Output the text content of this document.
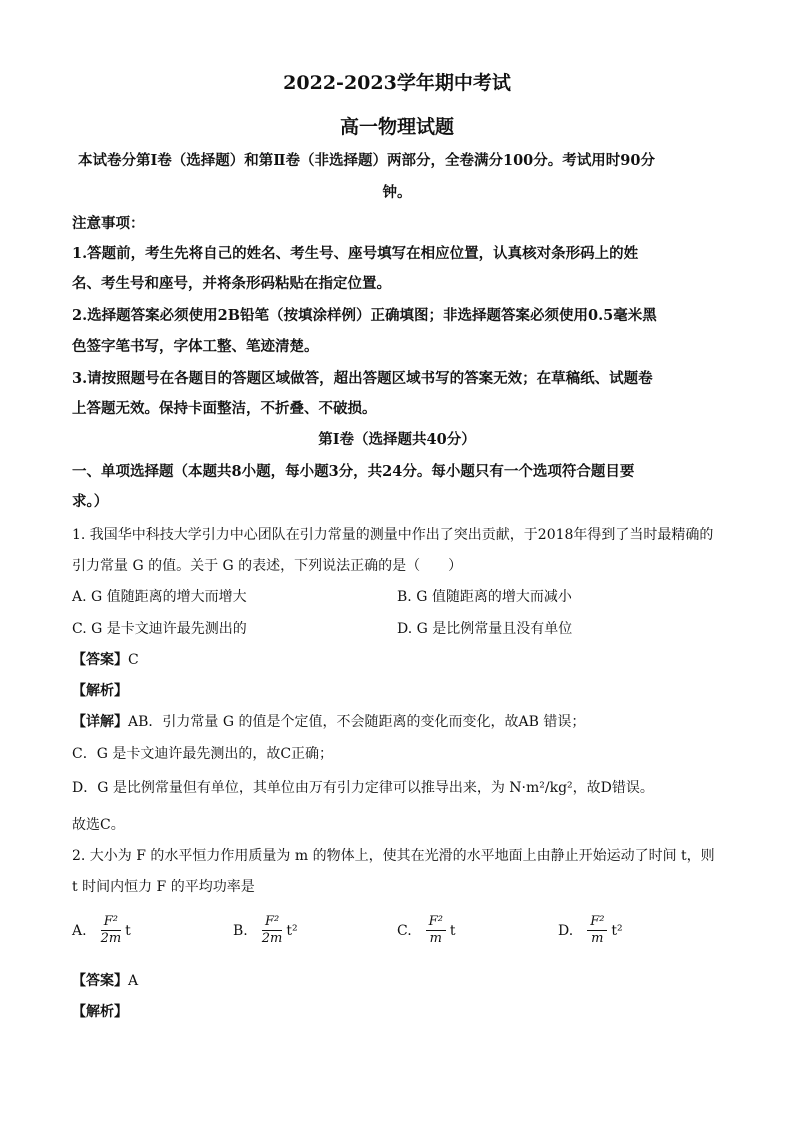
2022-2023学年期中考试
高一物理试题
本试卷分第Ⅰ卷（选择题）和第Ⅱ卷（非选择题）两部分，全卷满分100分。考试用时90分
钟。
注意事项：
1.答题前，考生先将自己的姓名、考生号、座号填写在相应位置，认真核对条形码上的姓
名、考生号和座号，并将条形码粘贴在指定位置。
2.选择题答案必须使用2B铅笔（按填涂样例）正确填图；非选择题答案必须使用0.5毫米黑
色签字笔书写，字体工整、笔迹清楚。
3.请按照题号在各题目的答题区域做答，超出答题区域书写的答案无效；在草稿纸、试题卷
上答题无效。保持卡面整洁，不折叠、不破损。
第Ⅰ卷（选择题共40分）
一、单项选择题（本题共8小题，每小题3分，共24分。每小题只有一个选项符合题目要
求。）
1. 我国华中科技大学引力中心团队在引力常量的测量中作出了突出贡献，于2018年得到了当时最精确的
引力常量 G 的值。关于 G 的表述，下列说法正确的是（　　）
A. G 值随距离的增大而增大	B. G 值随距离的增大而减小
C. G 是卡文迪许最先测出的	D. G 是比例常量且没有单位
【答案】C
【解析】
【详解】AB．引力常量 G 的值是个定值，不会随距离的变化而变化，故AB 错误；
C．G 是卡文迪许最先测出的，故C正确；
D．G 是比例常量但有单位，其单位由万有引力定律可以推导出来，为 N·m²/kg²，故D错误。
故选C。
2. 大小为 F 的水平恒力作用质量为 m 的物体上，使其在光滑的水平地面上由静止开始运动了时间 t，则
t 时间内恒力 F 的平均功率是
A. $\frac{\text{F²}}{2m}$ t	B. $\frac{\text{F²}}{2m} t^2$	C. $\frac{\text{F²}}{m}$ t	D. $\frac{\text{F²}}{m} t^2$
【答案】A
【解析】
